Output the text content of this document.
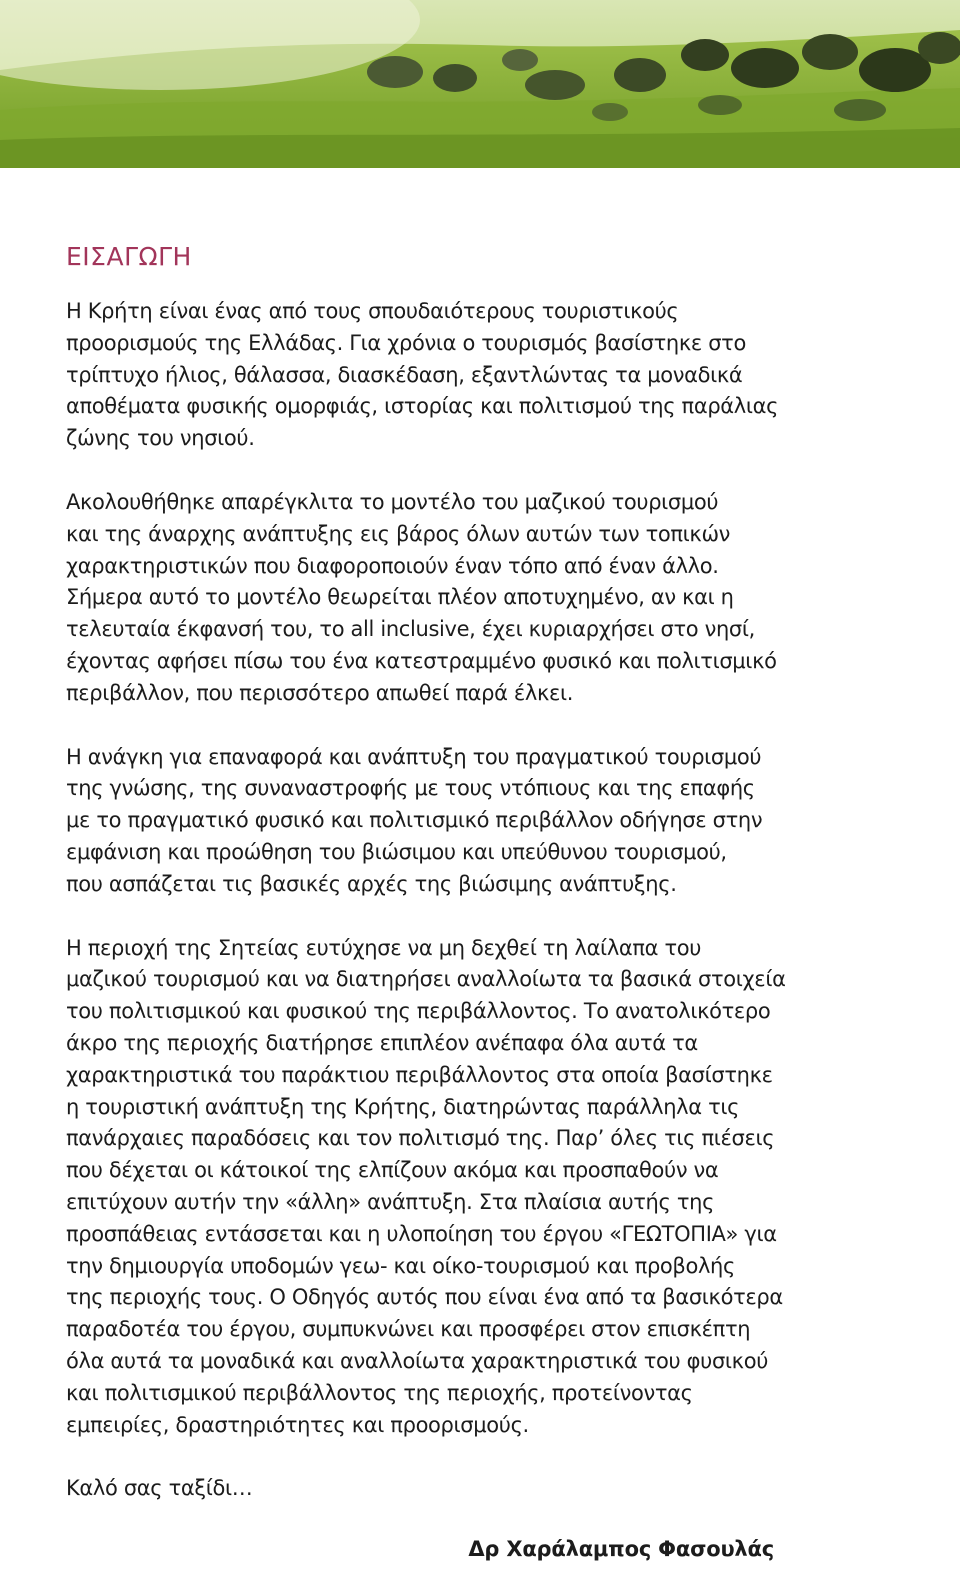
ΕΙΣΑΓΩΓΗ

Η Κρήτη είναι ένας από τους σπουδαιότερους τουριστικούς
προορισμούς της Ελλάδας. Για χρόνια ο τουρισμός βασίστηκε στο
τρίπτυχο ήλιος, θάλασσα, διασκέδαση, εξαντλώντας τα μοναδικά
αποθέματα φυσικής ομορφιάς, ιστορίας και πολιτισμού της παράλιας
ζώνης του νησιού.

Ακολουθήθηκε απαρέγκλιτα το μοντέλο του μαζικού τουρισμού
και της άναρχης ανάπτυξης εις βάρος όλων αυτών των τοπικών
χαρακτηριστικών που διαφοροποιούν έναν τόπο από έναν άλλο.
Σήμερα αυτό το μοντέλο θεωρείται πλέον αποτυχημένο, αν και η
τελευταία έκφανσή του, το all inclusive, έχει κυριαρχήσει στο νησί,
έχοντας αφήσει πίσω του ένα κατεστραμμένο φυσικό και πολιτισμικό
περιβάλλον, που περισσότερο απωθεί παρά έλκει.

Η ανάγκη για επαναφορά και ανάπτυξη του πραγματικού τουρισμού
της γνώσης, της συναναστροφής με τους ντόπιους και της επαφής
με το πραγματικό φυσικό και πολιτισμικό περιβάλλον οδήγησε στην
εμφάνιση και προώθηση του βιώσιμου και υπεύθυνου τουρισμού,
που ασπάζεται τις βασικές αρχές της βιώσιμης ανάπτυξης.

Η περιοχή της Σητείας ευτύχησε να μη δεχθεί τη λαίλαπα του
μαζικού τουρισμού και να διατηρήσει αναλλοίωτα τα βασικά στοιχεία
του πολιτισμικού και φυσικού της περιβάλλοντος. Το ανατολικότερο
άκρο της περιοχής διατήρησε επιπλέον ανέπαφα όλα αυτά τα
χαρακτηριστικά του παράκτιου περιβάλλοντος στα οποία βασίστηκε
η τουριστική ανάπτυξη της Κρήτης, διατηρώντας παράλληλα τις
πανάρχαιες παραδόσεις και τον πολιτισμό της. Παρ’ όλες τις πιέσεις
που δέχεται οι κάτοικοί της ελπίζουν ακόμα και προσπαθούν να
επιτύχουν αυτήν την «άλλη» ανάπτυξη. Στα πλαίσια αυτής της
προσπάθειας εντάσσεται και η υλοποίηση του έργου «ΓΕΩΤΟΠΙΑ» για
την δημιουργία υποδομών γεω- και οίκο-τουρισμού και προβολής
της περιοχής τους. Ο Οδηγός αυτός που είναι ένα από τα βασικότερα
παραδοτέα του έργου, συμπυκνώνει και προσφέρει στον επισκέπτη
όλα αυτά τα μοναδικά και αναλλοίωτα χαρακτηριστικά του φυσικού
και πολιτισμικού περιβάλλοντος της περιοχής, προτείνοντας
εμπειρίες, δραστηριότητες και προορισμούς.

Καλό σας ταξίδι…

Δρ Χαράλαμπος Φασουλάς
